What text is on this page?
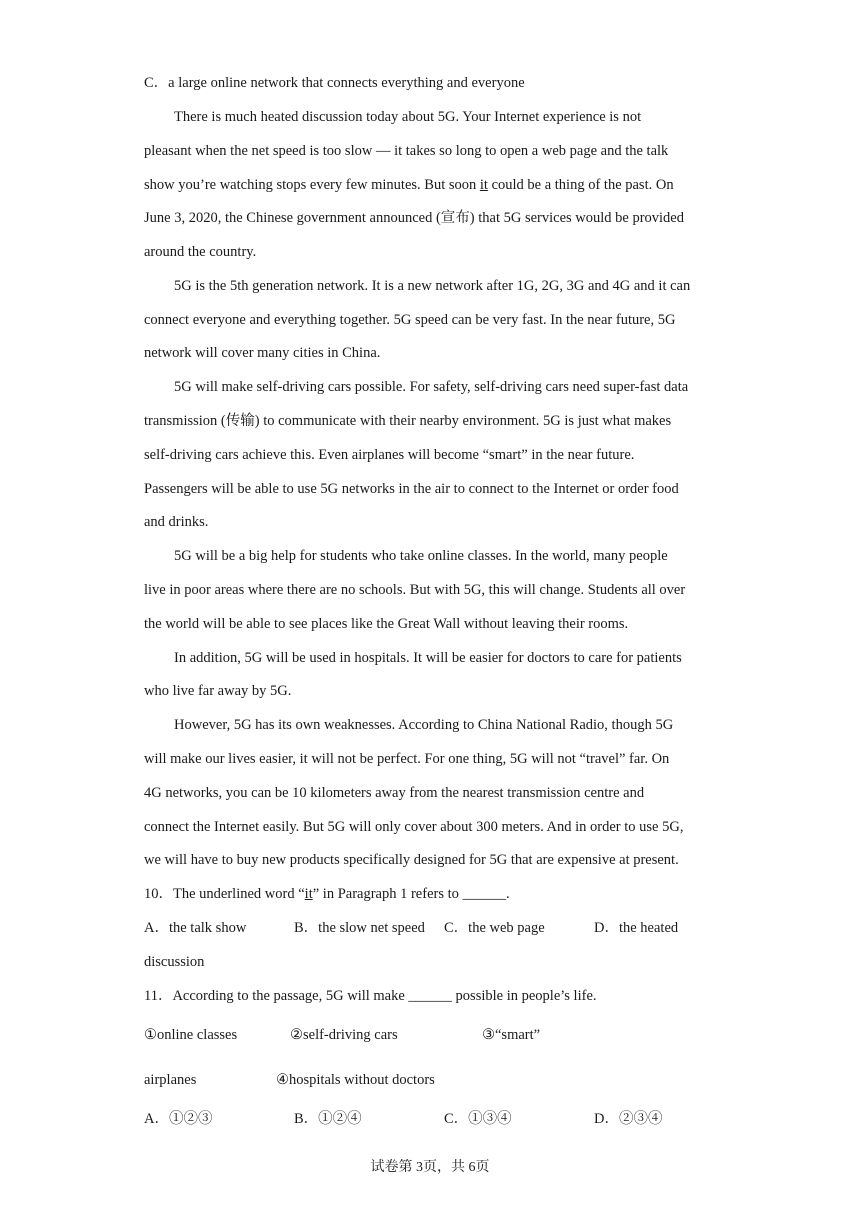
C．a large online network that connects everything and everyone
There is much heated discussion today about 5G. Your Internet experience is not
pleasant when the net speed is too slow — it takes so long to open a web page and the talk
show you’re watching stops every few minutes. But soon it could be a thing of the past. On
June 3, 2020, the Chinese government announced (宣布) that 5G services would be provided
around the country.
5G is the 5th generation network. It is a new network after 1G, 2G, 3G and 4G and it can
connect everyone and everything together. 5G speed can be very fast. In the near future, 5G
network will cover many cities in China.
5G will make self-driving cars possible. For safety, self-driving cars need super-fast data
transmission (传输) to communicate with their nearby environment. 5G is just what makes
self-driving cars achieve this. Even airplanes will become “smart” in the near future.
Passengers will be able to use 5G networks in the air to connect to the Internet or order food
and drinks.
5G will be a big help for students who take online classes. In the world, many people
live in poor areas where there are no schools. But with 5G, this will change. Students all over
the world will be able to see places like the Great Wall without leaving their rooms.
In addition, 5G will be used in hospitals. It will be easier for doctors to care for patients
who live far away by 5G.
However, 5G has its own weaknesses. According to China National Radio, though 5G
will make our lives easier, it will not be perfect. For one thing, 5G will not “travel” far. On
4G networks, you can be 10 kilometers away from the nearest transmission centre and
connect the Internet easily. But 5G will only cover about 300 meters. And in order to use 5G,
we will have to buy new products specifically designed for 5G that are expensive at present.
10．The underlined word “it” in Paragraph 1 refers to ______.
A．the talk show	B．the slow net speed C．the web page	D．the heated
discussion
11．According to the passage, 5G will make ______ possible in people’s life.
①online classes	②self-driving cars	③“smart”
airplanes	④hospitals without doctors
A．①②③	B．①②④	C．①③④	D．②③④
试卷第 3页，共 6页
